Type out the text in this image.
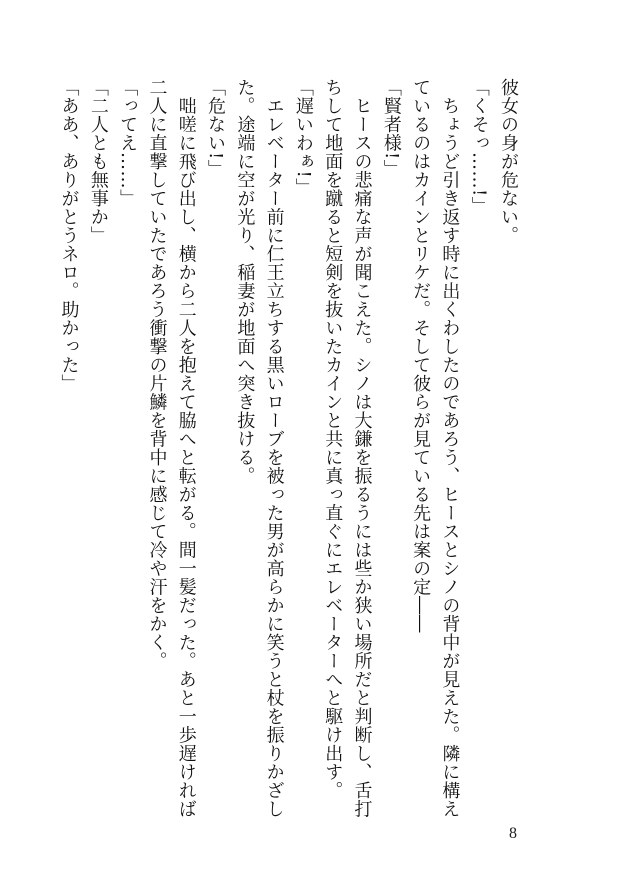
彼女の身が危ない。

「くそっ……!」

　ちょうど引き返す時に出くわしたのであろう、ヒースとシノの背中が見えた。隣に構え

ているのはカインとリケだ。そして彼らが見ている先は案の定――

「賢者様!」

　ヒースの悲痛な声が聞こえた。シノは大鎌を振るうには些か狭い場所だと判断し、舌打

ちして地面を蹴ると短剣を抜いたカインと共に真っ直ぐにエレベーターへと駆け出す。

「遅いわぁ!」

　エレベーター前に仁王立ちする黒いローブを被った男が高らかに笑うと杖を振りかざし

た。途端に空が光り、稲妻が地面へ突き抜ける。

「危ない!」

　咄嗟に飛び出し、横から二人を抱えて脇へと転がる。間一髪だった。あと一歩遅ければ

二人に直撃していたであろう衝撃の片鱗を背中に感じて冷や汗をかく。

「ってえ……」

「二人とも無事か」

「ああ、ありがとうネロ。助かった」

8
